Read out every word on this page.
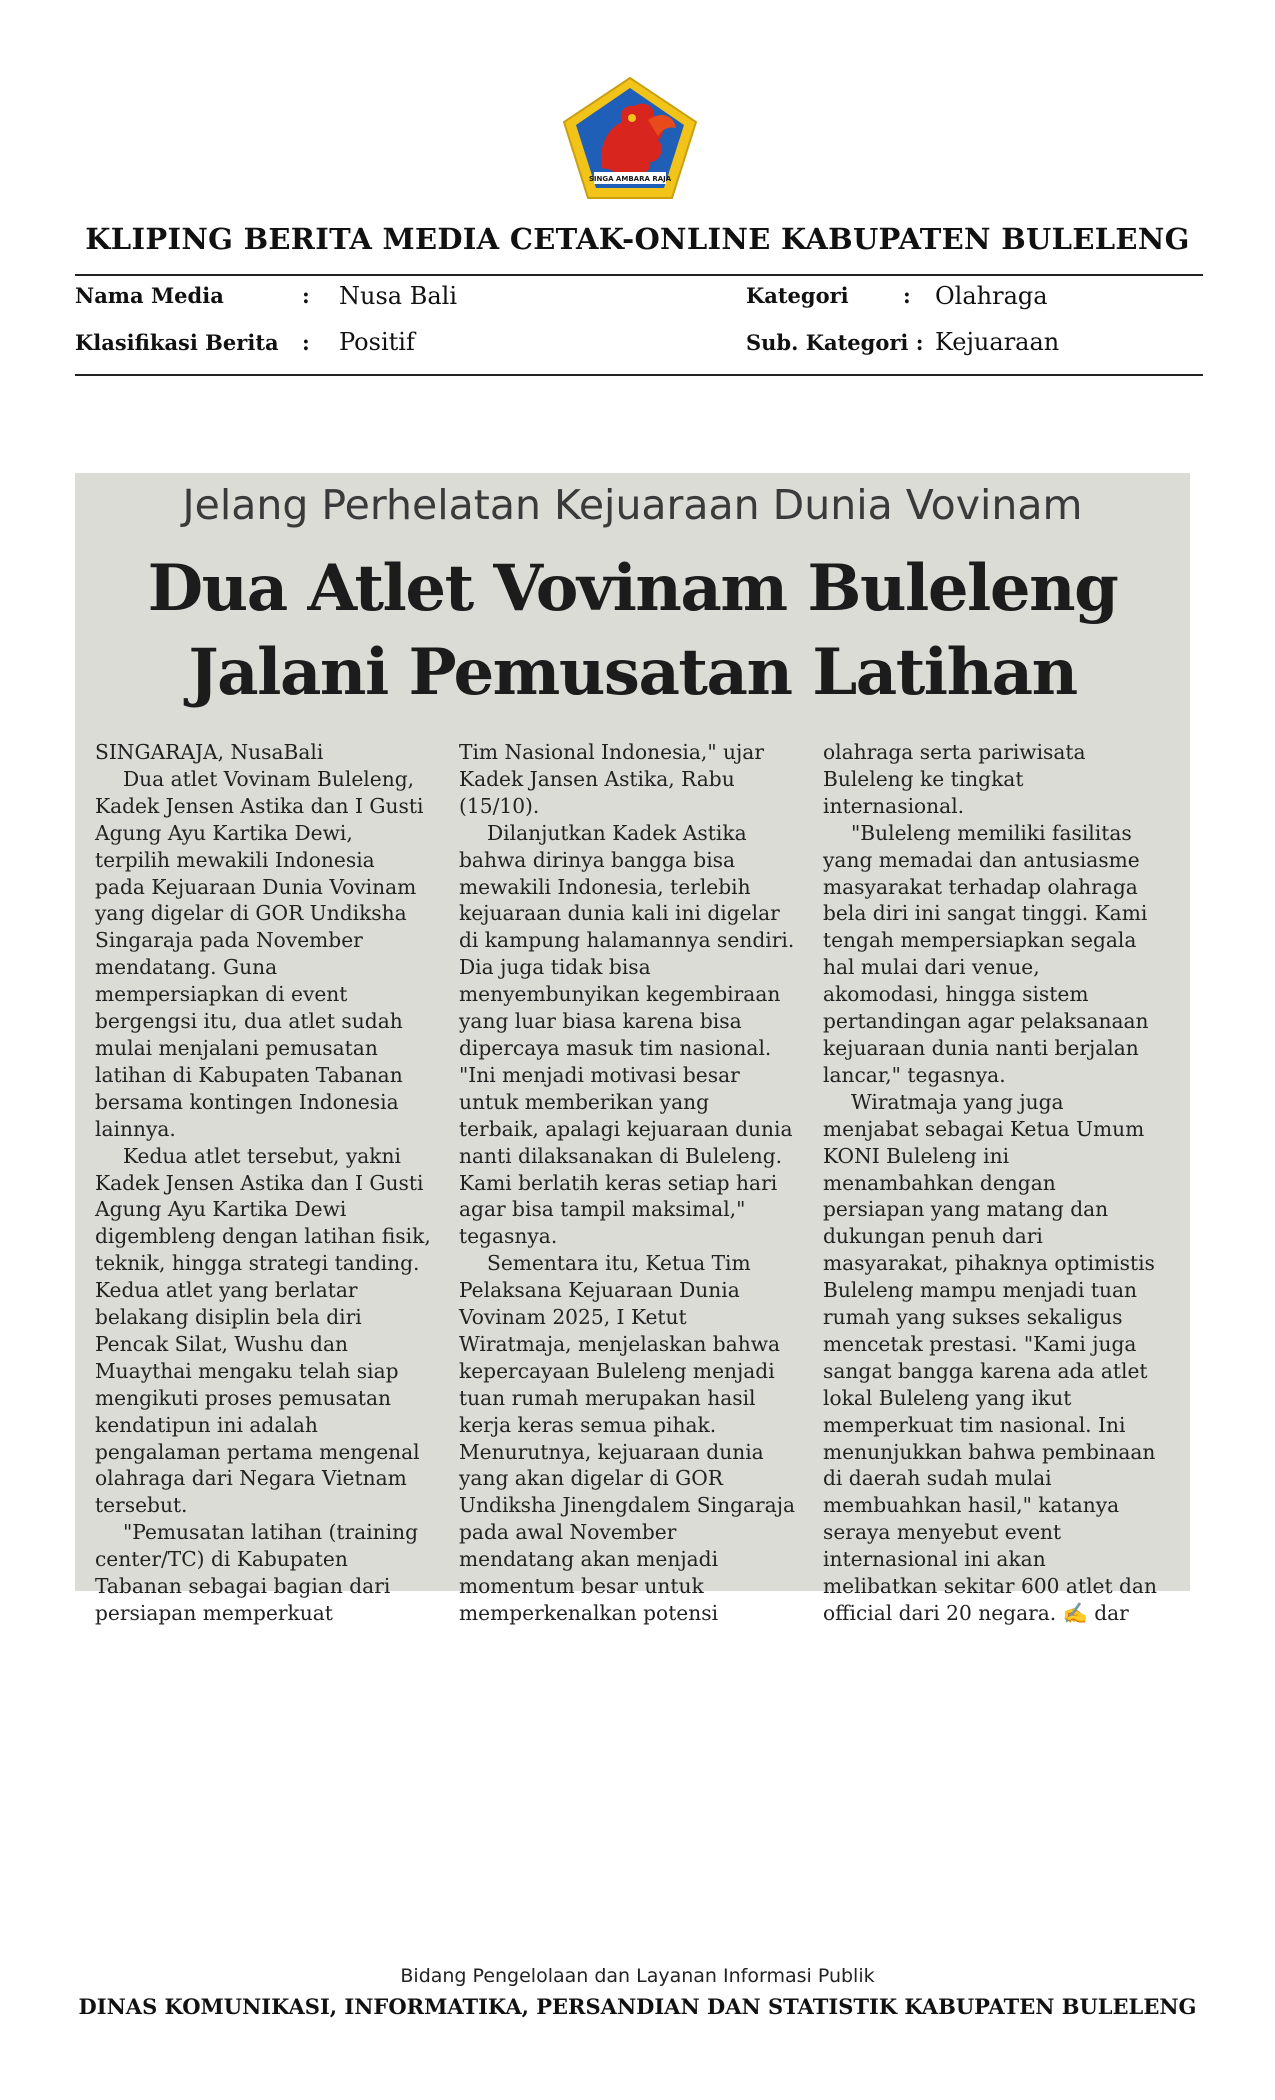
SINGA AMBARA RAJA
KLIPING BERITA MEDIA CETAK-ONLINE KABUPATEN BULELENG
Nama Media	: Nusa Bali	Kategori	: Olahraga
Klasifikasi Berita : Positif	Sub. Kategori : Kejuaraan
Jelang Perhelatan Kejuaraan Dunia Vovinam
Dua Atlet Vovinam Buleleng
Jalani Pemusatan Latihan

SINGARAJA, NusaBali

Dua atlet Vovinam Buleleng, Kadek Jensen Astika dan I Gusti Agung Ayu Kartika Dewi, terpilih mewakili Indonesia pada Kejuaraan Dunia Vovinam yang digelar di GOR Undiksha Singaraja pada November mendatang. Guna mempersiapkan di event bergengsi itu, dua atlet sudah mulai menjalani pemusatan latihan di Kabupaten Tabanan bersama kontingen Indonesia lainnya.

Kedua atlet tersebut, yakni Kadek Jensen Astika dan I Gusti Agung Ayu Kartika Dewi digembleng dengan latihan fisik, teknik, hingga strategi tanding. Kedua atlet yang berlatar belakang disiplin bela diri Pencak Silat, Wushu dan Muaythai mengaku telah siap mengikuti proses pemusatan kendatipun ini adalah pengalaman pertama mengenal olahraga dari Negara Vietnam tersebut.

"Pemusatan latihan (training center/TC) di Kabupaten Tabanan sebagai bagian dari persiapan memperkuat

Tim Nasional Indonesia," ujar Kadek Jansen Astika, Rabu (15/10).

Dilanjutkan Kadek Astika bahwa dirinya bangga bisa mewakili Indonesia, terlebih kejuaraan dunia kali ini digelar di kampung halamannya sendiri. Dia juga tidak bisa menyembunyikan kegembiraan yang luar biasa karena bisa dipercaya masuk tim nasional. "Ini menjadi motivasi besar untuk memberikan yang terbaik, apalagi kejuaraan dunia nanti dilaksanakan di Buleleng. Kami berlatih keras setiap hari agar bisa tampil maksimal," tegasnya.

Sementara itu, Ketua Tim Pelaksana Kejuaraan Dunia Vovinam 2025, I Ketut Wiratmaja, menjelaskan bahwa kepercayaan Buleleng menjadi tuan rumah merupakan hasil kerja keras semua pihak. Menurutnya, kejuaraan dunia yang akan digelar di GOR Undiksha Jinengdalem Singaraja pada awal November mendatang akan menjadi momentum besar untuk memperkenalkan potensi

olahraga serta pariwisata Buleleng ke tingkat internasional.

"Buleleng memiliki fasilitas yang memadai dan antusiasme masyarakat terhadap olahraga bela diri ini sangat tinggi. Kami tengah mempersiapkan segala hal mulai dari venue, akomodasi, hingga sistem pertandingan agar pelaksanaan kejuaraan dunia nanti berjalan lancar," tegasnya.

Wiratmaja yang juga menjabat sebagai Ketua Umum KONI Buleleng ini menambahkan dengan persiapan yang matang dan dukungan penuh dari masyarakat, pihaknya optimistis Buleleng mampu menjadi tuan rumah yang sukses sekaligus mencetak prestasi. "Kami juga sangat bangga karena ada atlet lokal Buleleng yang ikut memperkuat tim nasional. Ini menunjukkan bahwa pembinaan di daerah sudah mulai membuahkan hasil," katanya seraya menyebut event internasional ini akan melibatkan sekitar 600 atlet dan official dari 20 negara. ✍ dar

Bidang Pengelolaan dan Layanan Informasi Publik
DINAS KOMUNIKASI, INFORMATIKA, PERSANDIAN DAN STATISTIK KABUPATEN BULELENG
